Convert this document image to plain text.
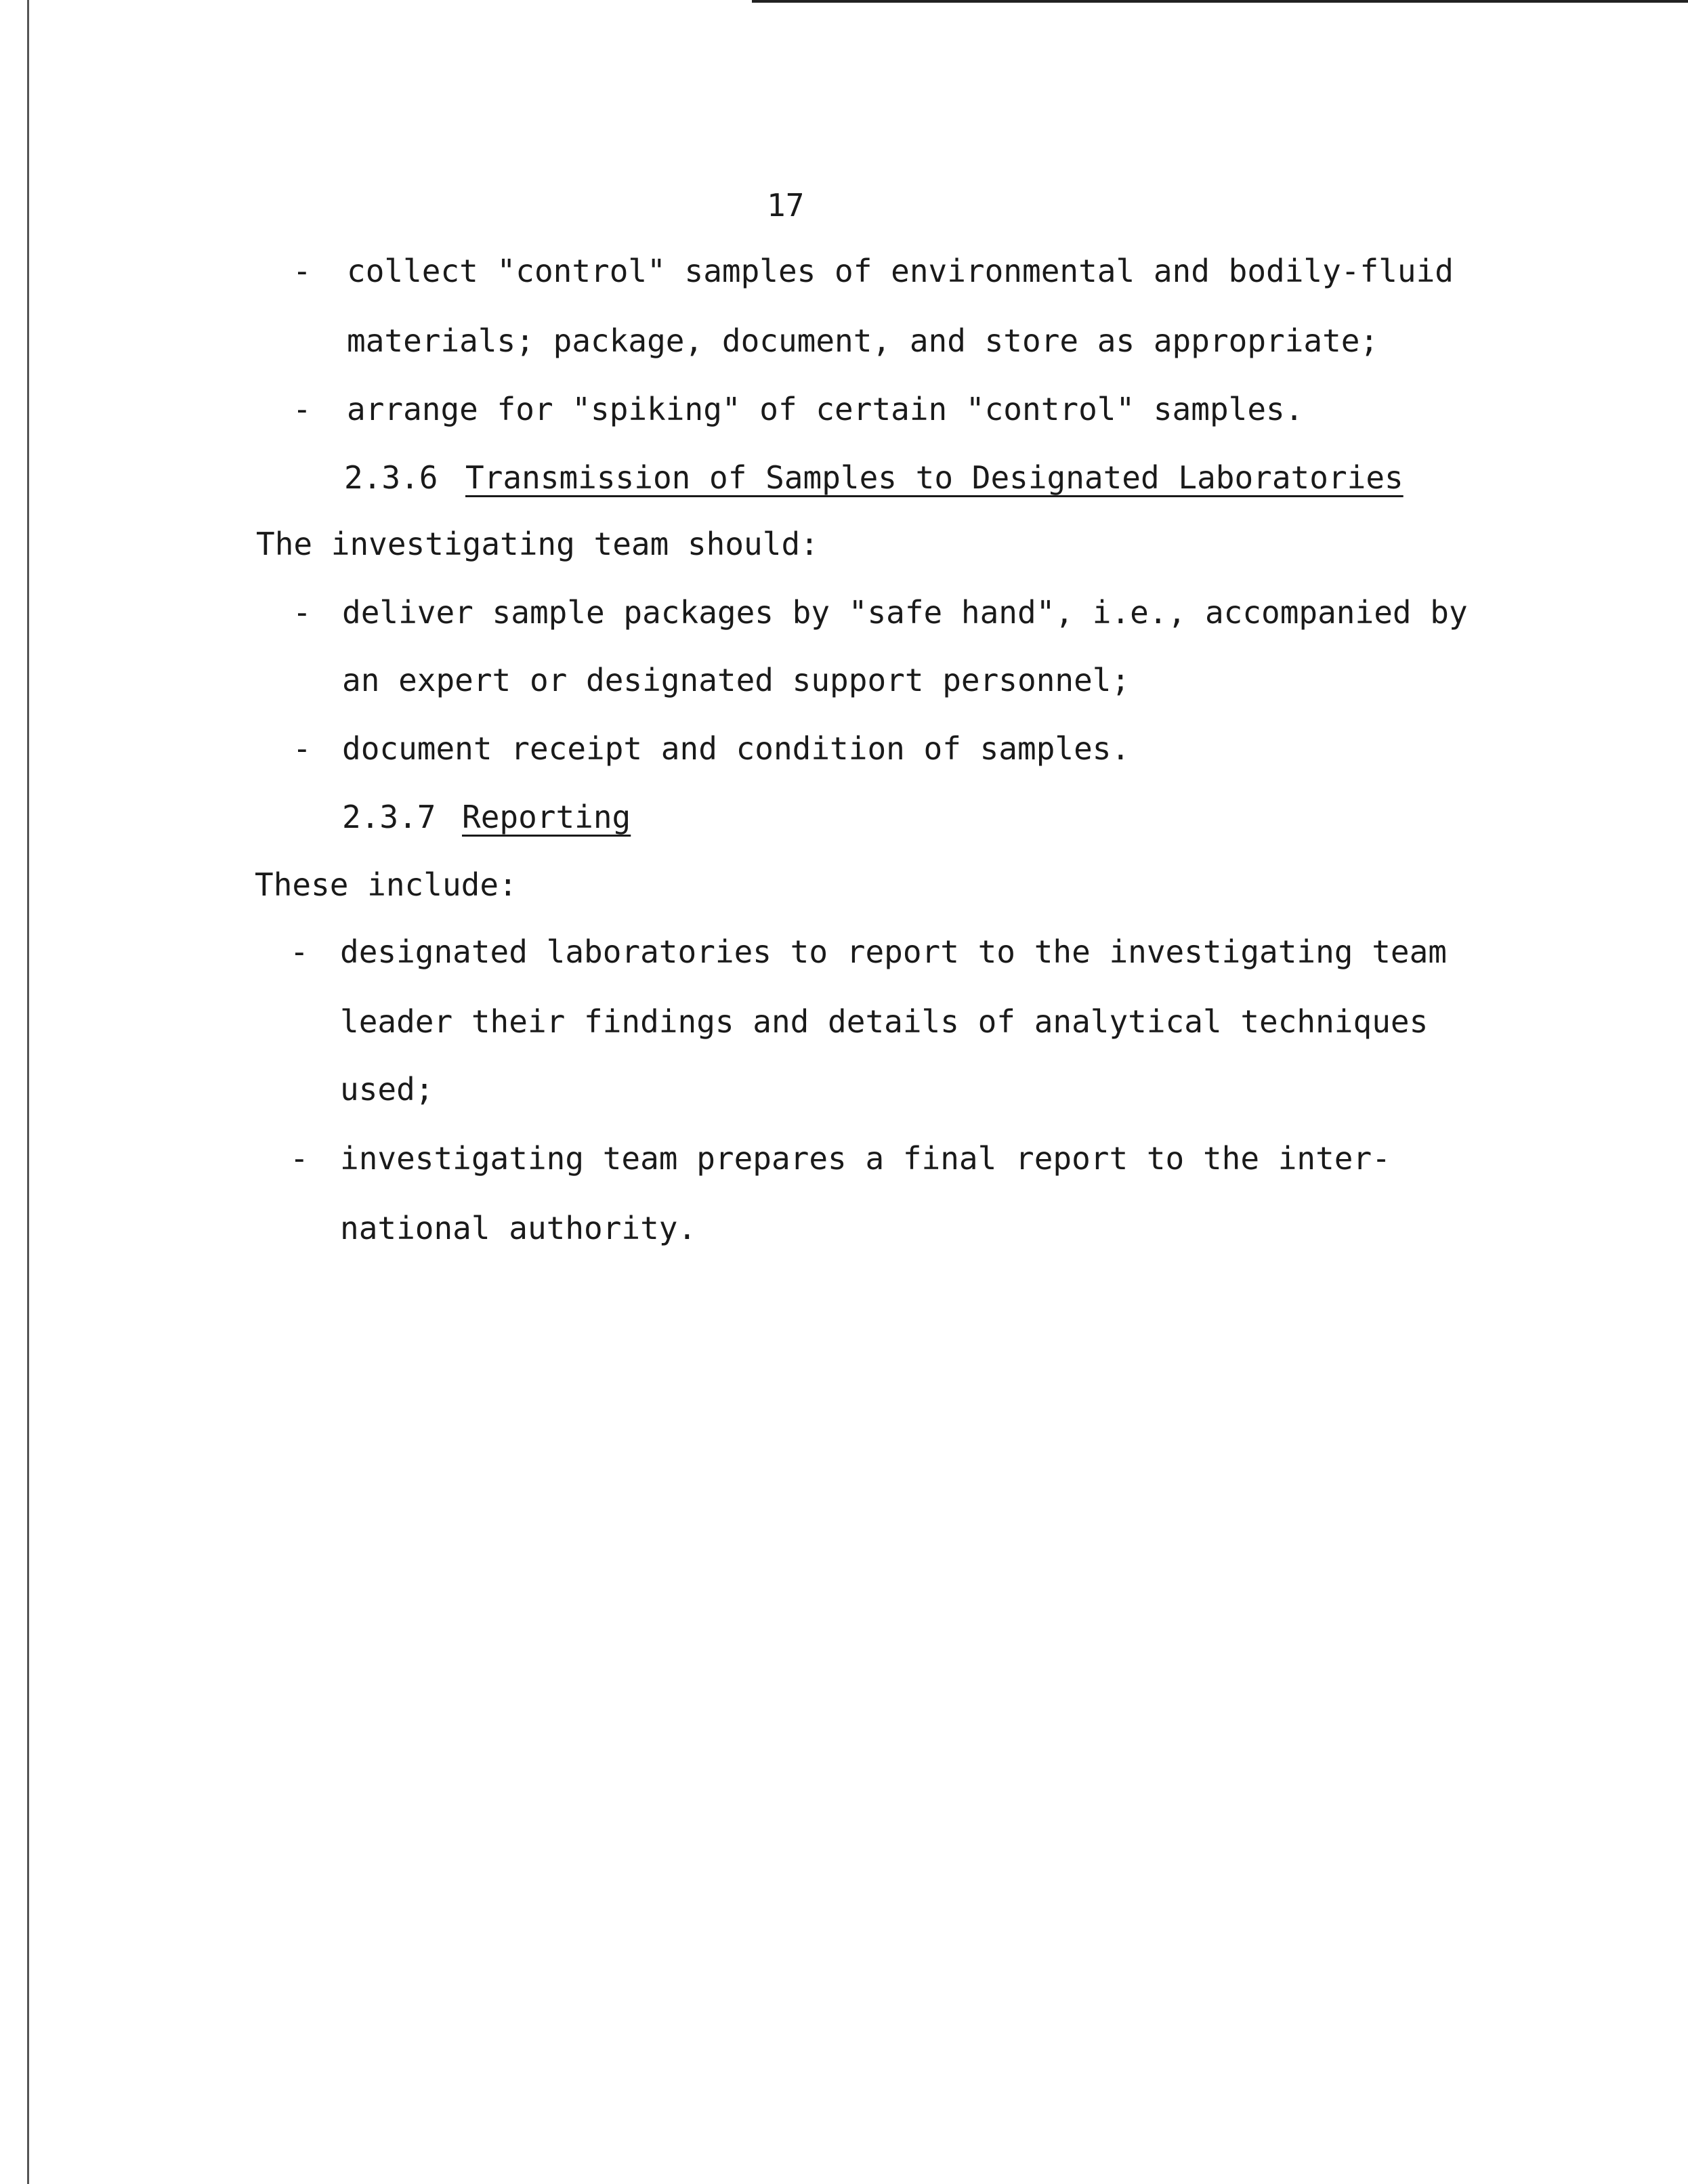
17
- collect "control" samples of environmental and bodily-fluid
materials; package, document, and store as appropriate;
- arrange for "spiking" of certain "control" samples.
2.3.6 Transmission of Samples to Designated Laboratories
The investigating team should:
- deliver sample packages by "safe hand", i.e., accompanied by
an expert or designated support personnel;
- document receipt and condition of samples.
2.3.7 Reporting
These include:
- designated laboratories to report to the investigating team
leader their findings and details of analytical techniques
used;
- investigating team prepares a final report to the inter-
national authority.
